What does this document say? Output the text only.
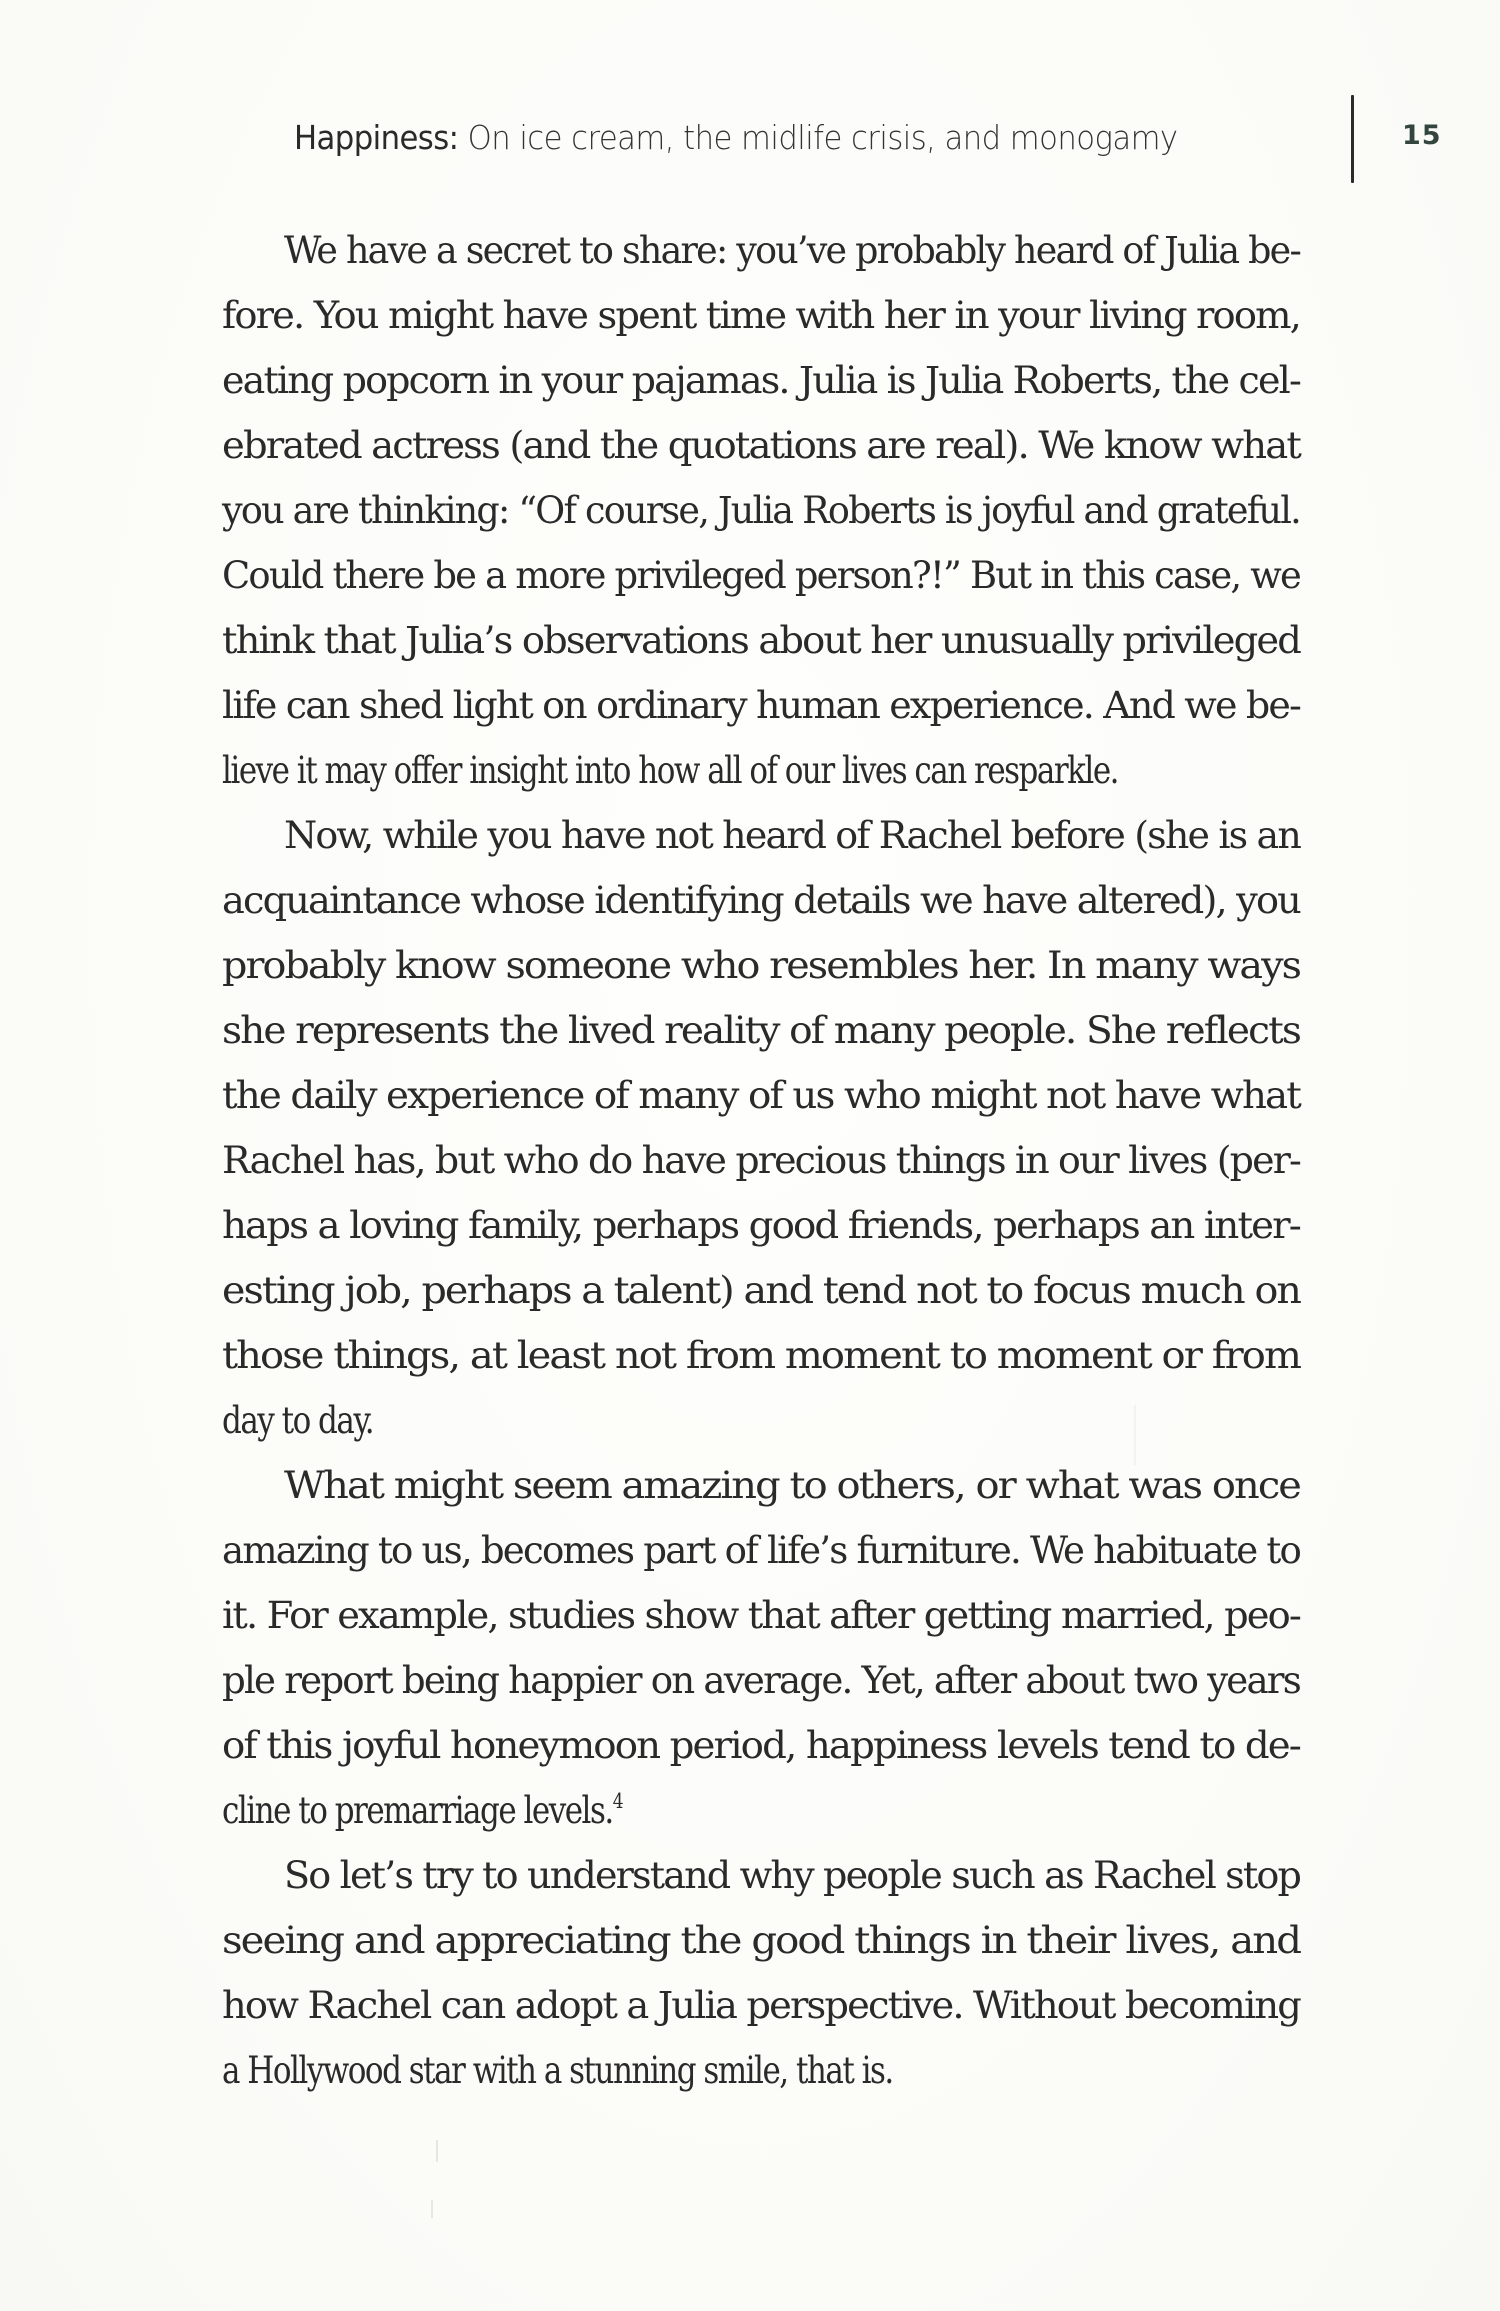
Happiness: On ice cream, the midlife crisis, and monogamy	15
We have a secret to share: you’ve probably heard of Julia be-
fore. You might have spent time with her in your living room,
eating popcorn in your pajamas. Julia is Julia Roberts, the cel-
ebrated actress (and the quotations are real). We know what
you are thinking: “Of course, Julia Roberts is joyful and grateful.
Could there be a more privileged person?!” But in this case, we
think that Julia’s observations about her unusually privileged
life can shed light on ordinary human experience. And we be-
lieve it may offer insight into how all of our lives can resparkle.
Now, while you have not heard of Rachel before (she is an
acquaintance whose identifying details we have altered), you
probably know someone who resembles her. In many ways
she represents the lived reality of many people. She reflects
the daily experience of many of us who might not have what
Rachel has, but who do have precious things in our lives (per-
haps a loving family, perhaps good friends, perhaps an inter-
esting job, perhaps a talent) and tend not to focus much on
those things, at least not from moment to moment or from
day to day.
What might seem amazing to others, or what was once
amazing to us, becomes part of life’s furniture. We habituate to
it. For example, studies show that after getting married, peo-
ple report being happier on average. Yet, after about two years
of this joyful honeymoon period, happiness levels tend to de-
cline to premarriage levels.$^4$
So let’s try to understand why people such as Rachel stop
seeing and appreciating the good things in their lives, and
how Rachel can adopt a Julia perspective. Without becoming
a Hollywood star with a stunning smile, that is.
